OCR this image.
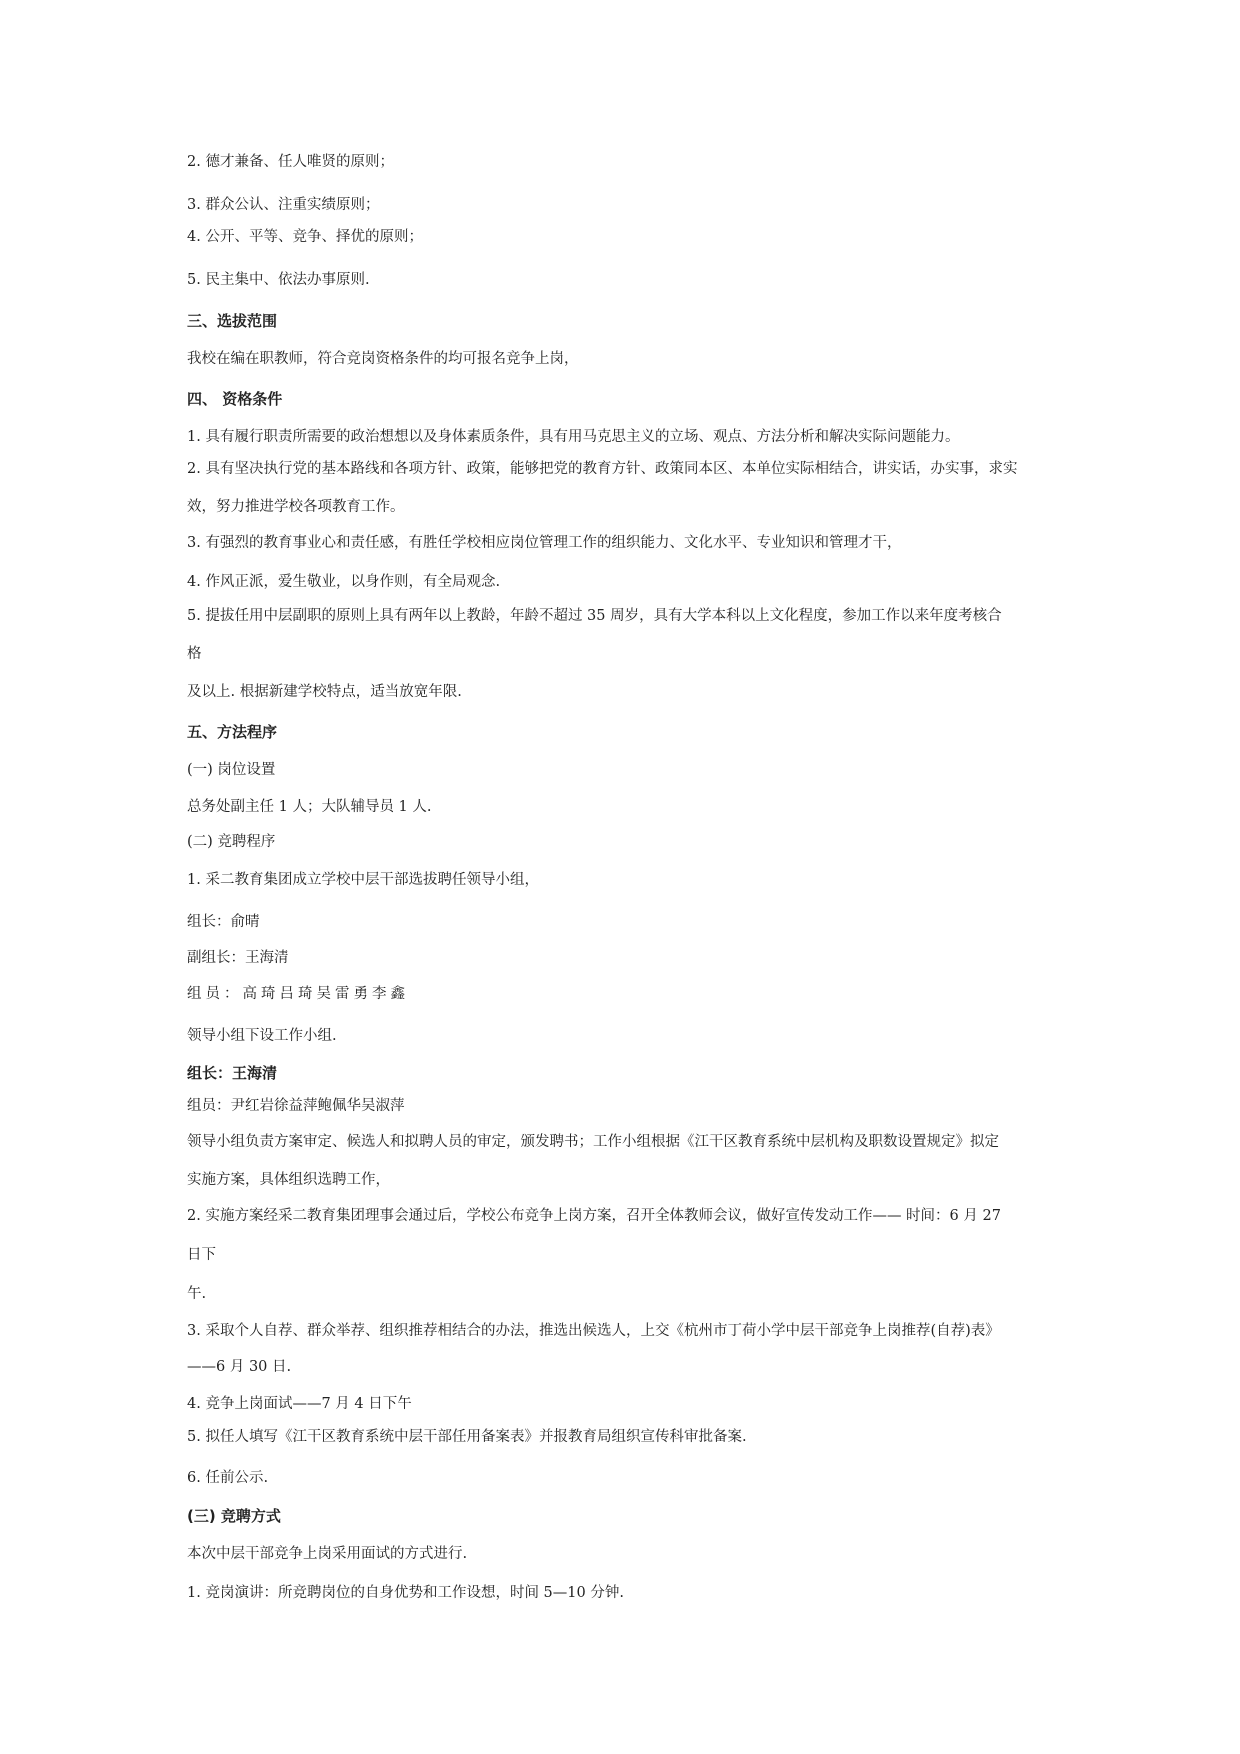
2. 德才兼备、任人唯贤的原则；

3. 群众公认、注重实绩原则；

4. 公开、平等、竞争、择优的原则；

5. 民主集中、依法办事原则.

三、选拔范围

我校在编在职教师，符合竞岗资格条件的均可报名竞争上岗，

四、 资格条件

1. 具有履行职责所需要的政治想想以及身体素质条件，具有用马克思主义的立场、观点、方法分析和解决实际问题能力。

2. 具有坚决执行党的基本路线和各项方针、政策，能够把党的教育方针、政策同本区、本单位实际相结合，讲实话，办实事，求实

效，努力推进学校各项教育工作。

3. 有强烈的教育事业心和责任感，有胜任学校相应岗位管理工作的组织能力、文化水平、专业知识和管理才干，

4. 作风正派，爱生敬业，以身作则，有全局观念.

5. 提拔任用中层副职的原则上具有两年以上教龄，年龄不超过 35 周岁，具有大学本科以上文化程度，参加工作以来年度考核合

格

及以上. 根据新建学校特点，适当放宽年限.

五、方法程序

(一) 岗位设置

总务处副主任 1 人；大队辅导员 1 人.

(二) 竞聘程序

1. 采二教育集团成立学校中层干部选拔聘任领导小组，

组长：俞晴

副组长：王海清

组员：高琦吕琦吴雷勇李鑫

领导小组下设工作小组.

组长：王海清

组员：尹红岩徐益萍鲍佩华吴淑萍

领导小组负责方案审定、候选人和拟聘人员的审定，颁发聘书；工作小组根据《江干区教育系统中层机构及职数设置规定》拟定

实施方案，具体组织选聘工作，

2. 实施方案经采二教育集团理事会通过后，学校公布竞争上岗方案，召开全体教师会议，做好宣传发动工作—— 时间：6 月 27

日下

午.

3. 采取个人自荐、群众举荐、组织推荐相结合的办法，推选出候选人，上交《杭州市丁荷小学中层干部竞争上岗推荐(自荐)表》

——6 月 30 日.

4. 竞争上岗面试——7 月 4 日下午

5. 拟任人填写《江干区教育系统中层干部任用备案表》并报教育局组织宣传科审批备案.

6. 任前公示.

(三) 竞聘方式

本次中层干部竞争上岗采用面试的方式进行.

1. 竞岗演讲：所竞聘岗位的自身优势和工作设想，时间 5—10 分钟.
